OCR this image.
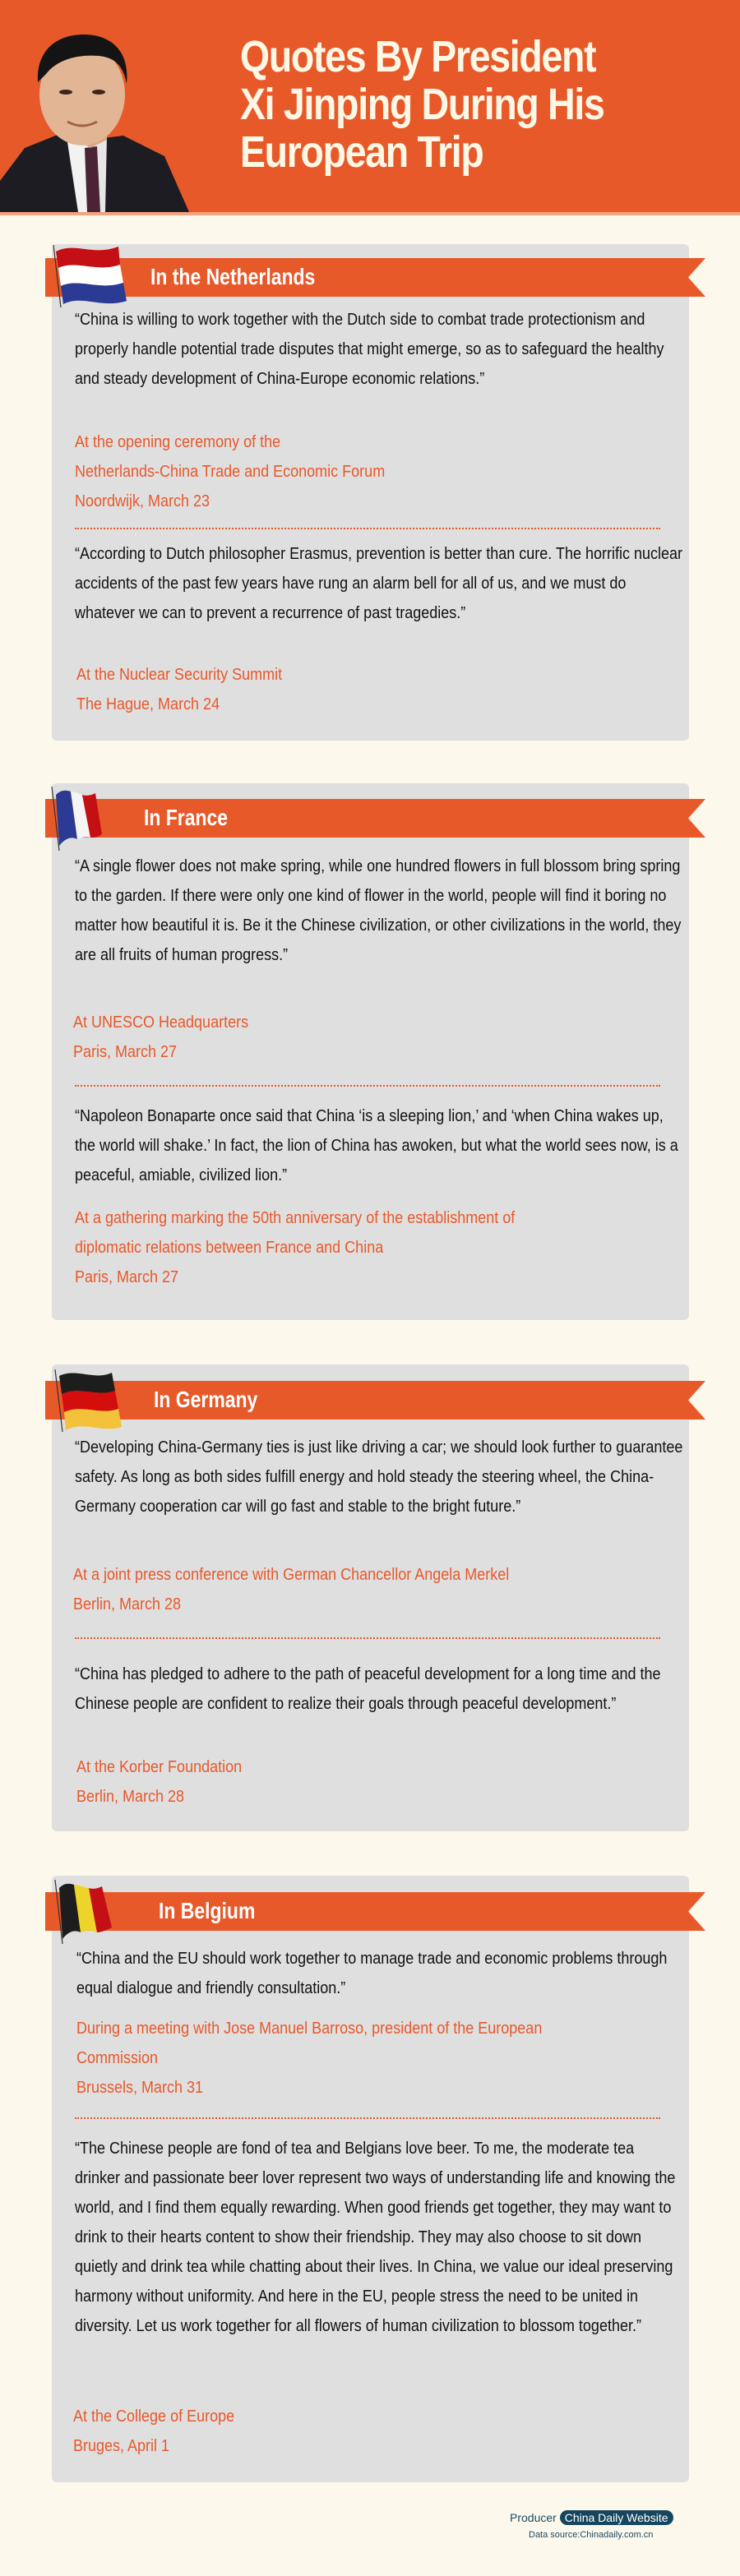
Quotes By President
Xi Jinping During His
European Trip
In the Netherlands
“China is willing to work together with the Dutch side to combat trade protectionism and properly handle potential trade disputes that might emerge, so as to safeguard the healthy and steady development of China-Europe economic relations.”
At the opening ceremony of the
Netherlands-China Trade and Economic Forum
Noordwijk, March 23
“According to Dutch philosopher Erasmus, prevention is better than cure. The horrific nuclear accidents of the past few years have rung an alarm bell for all of us, and we must do whatever we can to prevent a recurrence of past tragedies.”
At the Nuclear Security Summit
The Hague, March 24
In France
“A single flower does not make spring, while one hundred flowers in full blossom bring spring to the garden. If there were only one kind of flower in the world, people will find it boring no matter how beautiful it is. Be it the Chinese civilization, or other civilizations in the world, they are all fruits of human progress.”
At UNESCO Headquarters
Paris, March 27
“Napoleon Bonaparte once said that China ‘is a sleeping lion,’ and ‘when China wakes up, the world will shake.’ In fact, the lion of China has awoken, but what the world sees now, is a peaceful, amiable, civilized lion.”
At a gathering marking the 50th anniversary of the establishment of
diplomatic relations between France and China
Paris, March 27
In Germany
“Developing China-Germany ties is just like driving a car; we should look further to guarantee safety. As long as both sides fulfill energy and hold steady the steering wheel, the China-Germany cooperation car will go fast and stable to the bright future.”
At a joint press conference with German Chancellor Angela Merkel
Berlin, March 28
“China has pledged to adhere to the path of peaceful development for a long time and the Chinese people are confident to realize their goals through peaceful development.”
At the Korber Foundation
Berlin, March 28
In Belgium
“China and the EU should work together to manage trade and economic problems through equal dialogue and friendly consultation.”
During a meeting with Jose Manuel Barroso, president of the European
Commission
Brussels, March 31
“The Chinese people are fond of tea and Belgians love beer. To me, the moderate tea drinker and passionate beer lover represent two ways of understanding life and knowing the world, and I find them equally rewarding. When good friends get together, they may want to drink to their hearts content to show their friendship. They may also choose to sit down quietly and drink tea while chatting about their lives. In China, we value our ideal preserving harmony without uniformity. And here in the EU, people stress the need to be united in diversity. Let us work together for all flowers of human civilization to blossom together.”
At the College of Europe
Bruges, April 1
Producer China Daily Website
Data source:Chinadaily.com.cn
